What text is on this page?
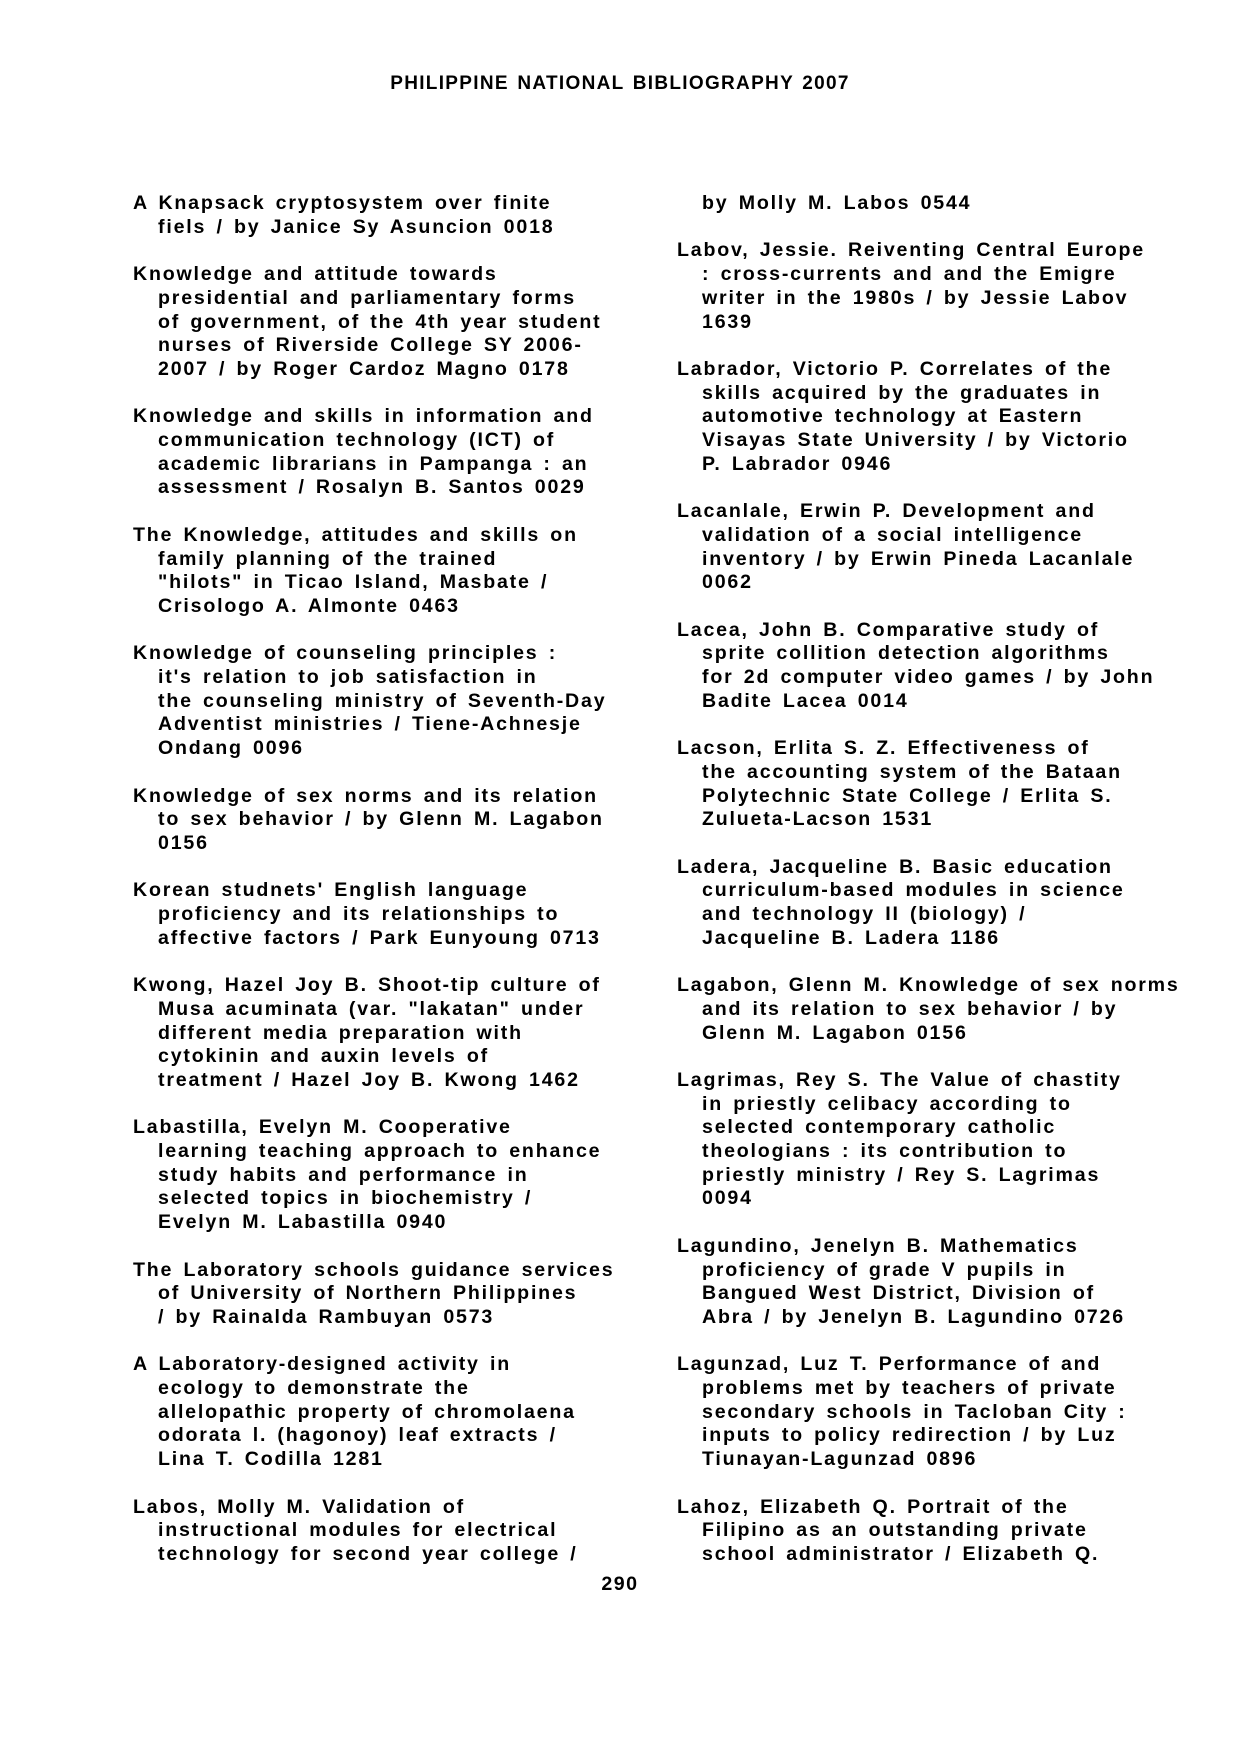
PHILIPPINE NATIONAL BIBLIOGRAPHY 2007

A Knapsack cryptosystem over finite
fiels / by Janice Sy Asuncion 0018

Knowledge and attitude towards
presidential and parliamentary forms
of government, of the 4th year student
nurses of Riverside College SY 2006-
2007 / by Roger Cardoz Magno 0178

Knowledge and skills in information and
communication technology (ICT) of
academic librarians in Pampanga : an
assessment / Rosalyn B. Santos 0029

The Knowledge, attitudes and skills on
family planning of the trained
"hilots" in Ticao Island, Masbate /
Crisologo A. Almonte 0463

Knowledge of counseling principles :
it's relation to job satisfaction in
the counseling ministry of Seventh-Day
Adventist ministries / Tiene-Achnesje
Ondang 0096

Knowledge of sex norms and its relation
to sex behavior / by Glenn M. Lagabon
0156

Korean studnets' English language
proficiency and its relationships to
affective factors / Park Eunyoung 0713

Kwong, Hazel Joy B. Shoot-tip culture of
Musa acuminata (var. "lakatan" under
different media preparation with
cytokinin and auxin levels of
treatment / Hazel Joy B. Kwong 1462

Labastilla, Evelyn M. Cooperative
learning teaching approach to enhance
study habits and performance in
selected topics in biochemistry /
Evelyn M. Labastilla 0940

The Laboratory schools guidance services
of University of Northern Philippines
/ by Rainalda Rambuyan 0573

A Laboratory-designed activity in
ecology to demonstrate the
allelopathic property of chromolaena
odorata l. (hagonoy) leaf extracts /
Lina T. Codilla 1281

Labos, Molly M. Validation of
instructional modules for electrical
technology for second year college /

by Molly M. Labos 0544

Labov, Jessie. Reiventing Central Europe
: cross-currents and and the Emigre
writer in the 1980s / by Jessie Labov
1639

Labrador, Victorio P. Correlates of the
skills acquired by the graduates in
automotive technology at Eastern
Visayas State University / by Victorio
P. Labrador 0946

Lacanlale, Erwin P. Development and
validation of a social intelligence
inventory / by Erwin Pineda Lacanlale
0062

Lacea, John B. Comparative study of
sprite collition detection algorithms
for 2d computer video games / by John
Badite Lacea 0014

Lacson, Erlita S. Z. Effectiveness of
the accounting system of the Bataan
Polytechnic State College / Erlita S.
Zulueta-Lacson 1531

Ladera, Jacqueline B. Basic education
curriculum-based modules in science
and technology II (biology) /
Jacqueline B. Ladera 1186

Lagabon, Glenn M. Knowledge of sex norms
and its relation to sex behavior / by
Glenn M. Lagabon 0156

Lagrimas, Rey S. The Value of chastity
in priestly celibacy according to
selected contemporary catholic
theologians : its contribution to
priestly ministry / Rey S. Lagrimas
0094

Lagundino, Jenelyn B. Mathematics
proficiency of grade V pupils in
Bangued West District, Division of
Abra / by Jenelyn B. Lagundino 0726

Lagunzad, Luz T. Performance of and
problems met by teachers of private
secondary schools in Tacloban City :
inputs to policy redirection / by Luz
Tiunayan-Lagunzad 0896

Lahoz, Elizabeth Q. Portrait of the
Filipino as an outstanding private
school administrator / Elizabeth Q.

290
